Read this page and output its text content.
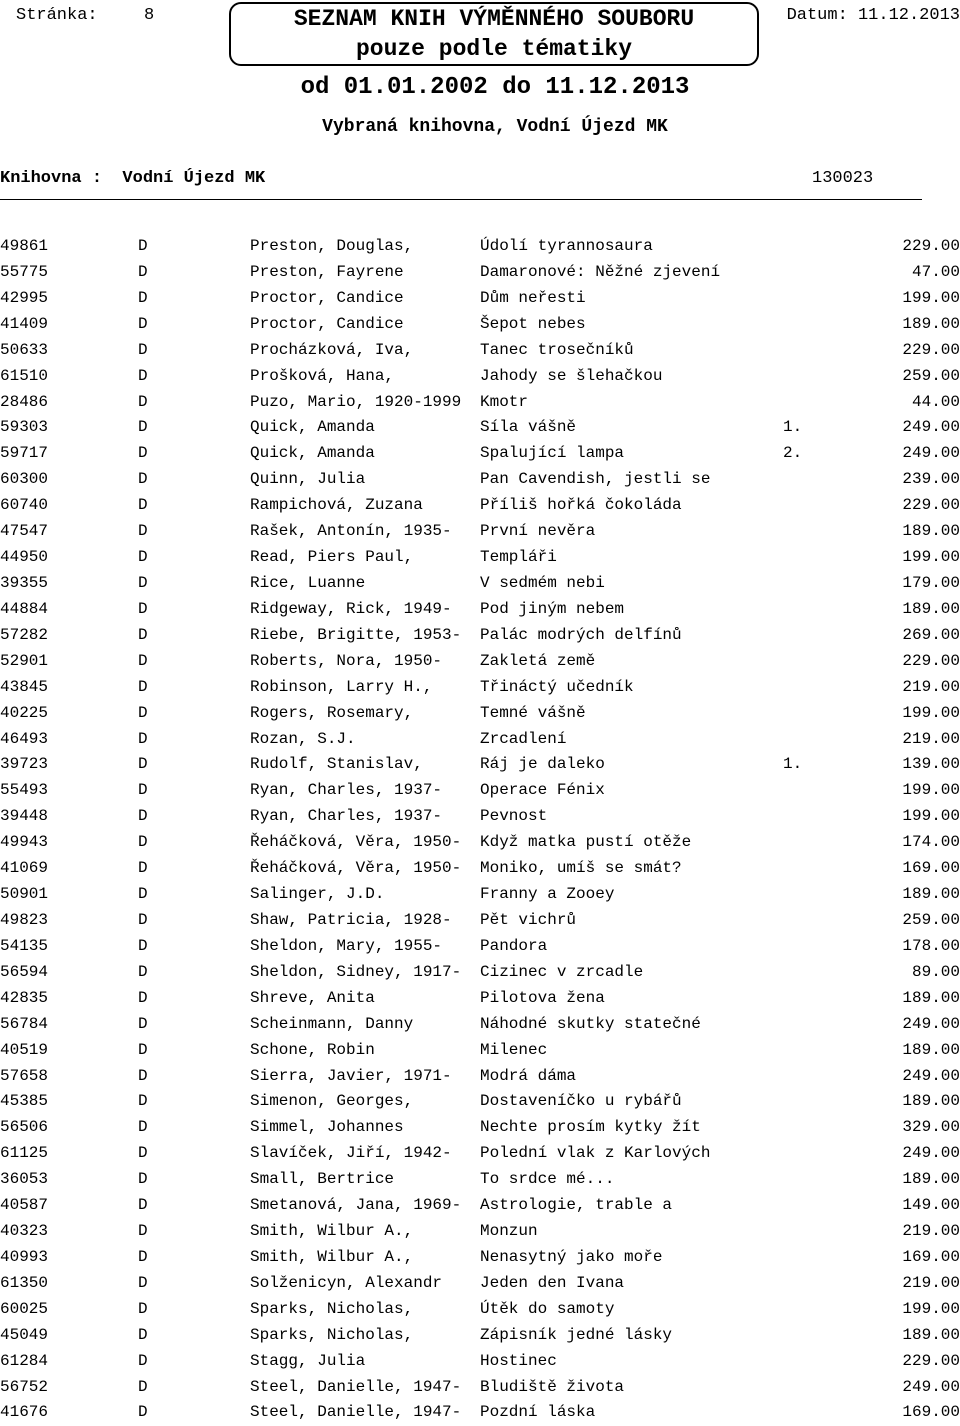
Stránka:	8	SEZNAM KNIH VÝMĚNNÉHO SOUBORU
pouze podle tématiky
Datum: 11.12.2013
od 01.01.2002 do 11.12.2013
Vybraná knihovna, Vodní Újezd MK
Knihovna :  Vodní Újezd MK	130023
49861	D	Preston, Douglas,	Údolí tyrannosaura	229.00
55775	D	Preston, Fayrene	Damaronové: Něžné zjevení	47.00
42995	D	Proctor, Candice	Dům neřesti	199.00
41409	D	Proctor, Candice	Šepot nebes	189.00
50633	D	Procházková, Iva,	Tanec trosečníků	229.00
61510	D	Prošková, Hana,	Jahody se šlehačkou	259.00
28486	D	Puzo, Mario, 1920-1999	Kmotr	44.00
59303	D	Quick, Amanda	Síla vášně	1.	249.00
59717	D	Quick, Amanda	Spalující lampa	2.	249.00
60300	D	Quinn, Julia	Pan Cavendish, jestli se	239.00
60740	D	Rampichová, Zuzana	Příliš hořká čokoláda	229.00
47547	D	Rašek, Antonín, 1935-	První nevěra	189.00
44950	D	Read, Piers Paul,	Templáři	199.00
39355	D	Rice, Luanne	V sedmém nebi	179.00
44884	D	Ridgeway, Rick, 1949-	Pod jiným nebem	189.00
57282	D	Riebe, Brigitte, 1953-	Palác modrých delfínů	269.00
52901	D	Roberts, Nora, 1950-	Zakletá země	229.00
43845	D	Robinson, Larry H.,	Třináctý učedník	219.00
40225	D	Rogers, Rosemary,	Temné vášně	199.00
46493	D	Rozan, S.J.	Zrcadlení	219.00
39723	D	Rudolf, Stanislav,	Ráj je daleko	1.	139.00
55493	D	Ryan, Charles, 1937-	Operace Fénix	199.00
39448	D	Ryan, Charles, 1937-	Pevnost	199.00
49943	D	Řeháčková, Věra, 1950-	Když matka pustí otěže	174.00
41069	D	Řeháčková, Věra, 1950-	Moniko, umíš se smát?	169.00
50901	D	Salinger, J.D.	Franny a Zooey	189.00
49823	D	Shaw, Patricia, 1928-	Pět vichrů	259.00
54135	D	Sheldon, Mary, 1955-	Pandora	178.00
56594	D	Sheldon, Sidney, 1917-	Cizinec v zrcadle	89.00
42835	D	Shreve, Anita	Pilotova žena	189.00
56784	D	Scheinmann, Danny	Náhodné skutky statečné	249.00
40519	D	Schone, Robin	Milenec	189.00
57658	D	Sierra, Javier, 1971-	Modrá dáma	249.00
45385	D	Simenon, Georges,	Dostaveníčko u rybářů	189.00
56506	D	Simmel, Johannes	Nechte prosím kytky žít	329.00
61125	D	Slavíček, Jiří, 1942-	Polední vlak z Karlových	249.00
36053	D	Small, Bertrice	To srdce mé...	189.00
40587	D	Smetanová, Jana, 1969-	Astrologie, trable a	149.00
40323	D	Smith, Wilbur A.,	Monzun	219.00
40993	D	Smith, Wilbur A.,	Nenasytný jako moře	169.00
61350	D	Solženicyn, Alexandr	Jeden den Ivana	219.00
60025	D	Sparks, Nicholas,	Útěk do samoty	199.00
45049	D	Sparks, Nicholas,	Zápisník jedné lásky	189.00
61284	D	Stagg, Julia	Hostinec	229.00
56752	D	Steel, Danielle, 1947-	Bludiště života	249.00
41676	D	Steel, Danielle, 1947-	Pozdní láska	169.00
